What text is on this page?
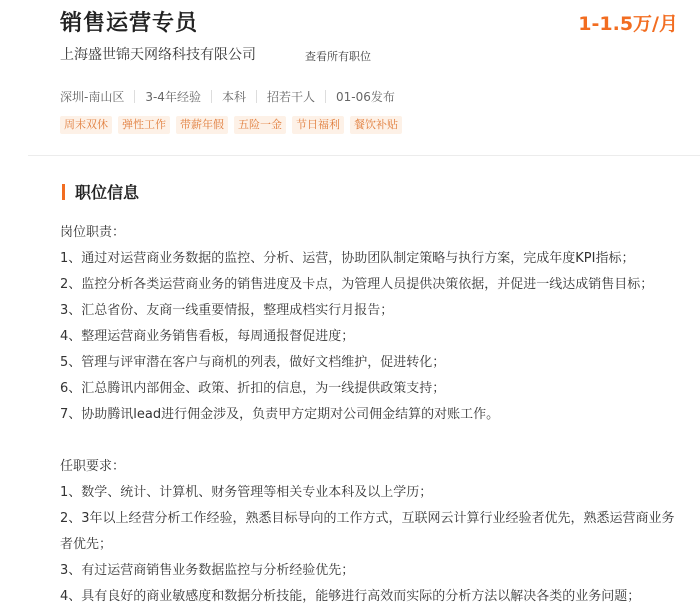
销售运营专员	1-1.5万/月
上海盛世锦天网络科技有限公司	查看所有职位
深圳-南山区 3-4年经验 本科 招若干人 01-06发布
周末双休	弹性工作	带薪年假	五险一金	节日福利	餐饮补贴
职位信息

岗位职责：

1、通过对运营商业务数据的监控、分析、运营，协助团队制定策略与执行方案，完成年度KPI指标；

2、监控分析各类运营商业务的销售进度及卡点，为管理人员提供决策依据，并促进一线达成销售目标；

3、汇总省份、友商一线重要情报，整理成档实行月报告；

4、整理运营商业务销售看板，每周通报督促进度；

5、管理与评审潜在客户与商机的列表，做好文档维护，促进转化；

6、汇总腾讯内部佣金、政策、折扣的信息，为一线提供政策支持；

7、协助腾讯lead进行佣金涉及，负责甲方定期对公司佣金结算的对账工作。

任职要求：

1、数学、统计、计算机、财务管理等相关专业本科及以上学历；

2、3年以上经营分析工作经验，熟悉目标导向的工作方式，互联网云计算行业经验者优先，熟悉运营商业务者优先；

3、有过运营商销售业务数据监控与分析经验优先；

4、具有良好的商业敏感度和数据分析技能，能够进行高效而实际的分析方法以解决各类的业务问题；
